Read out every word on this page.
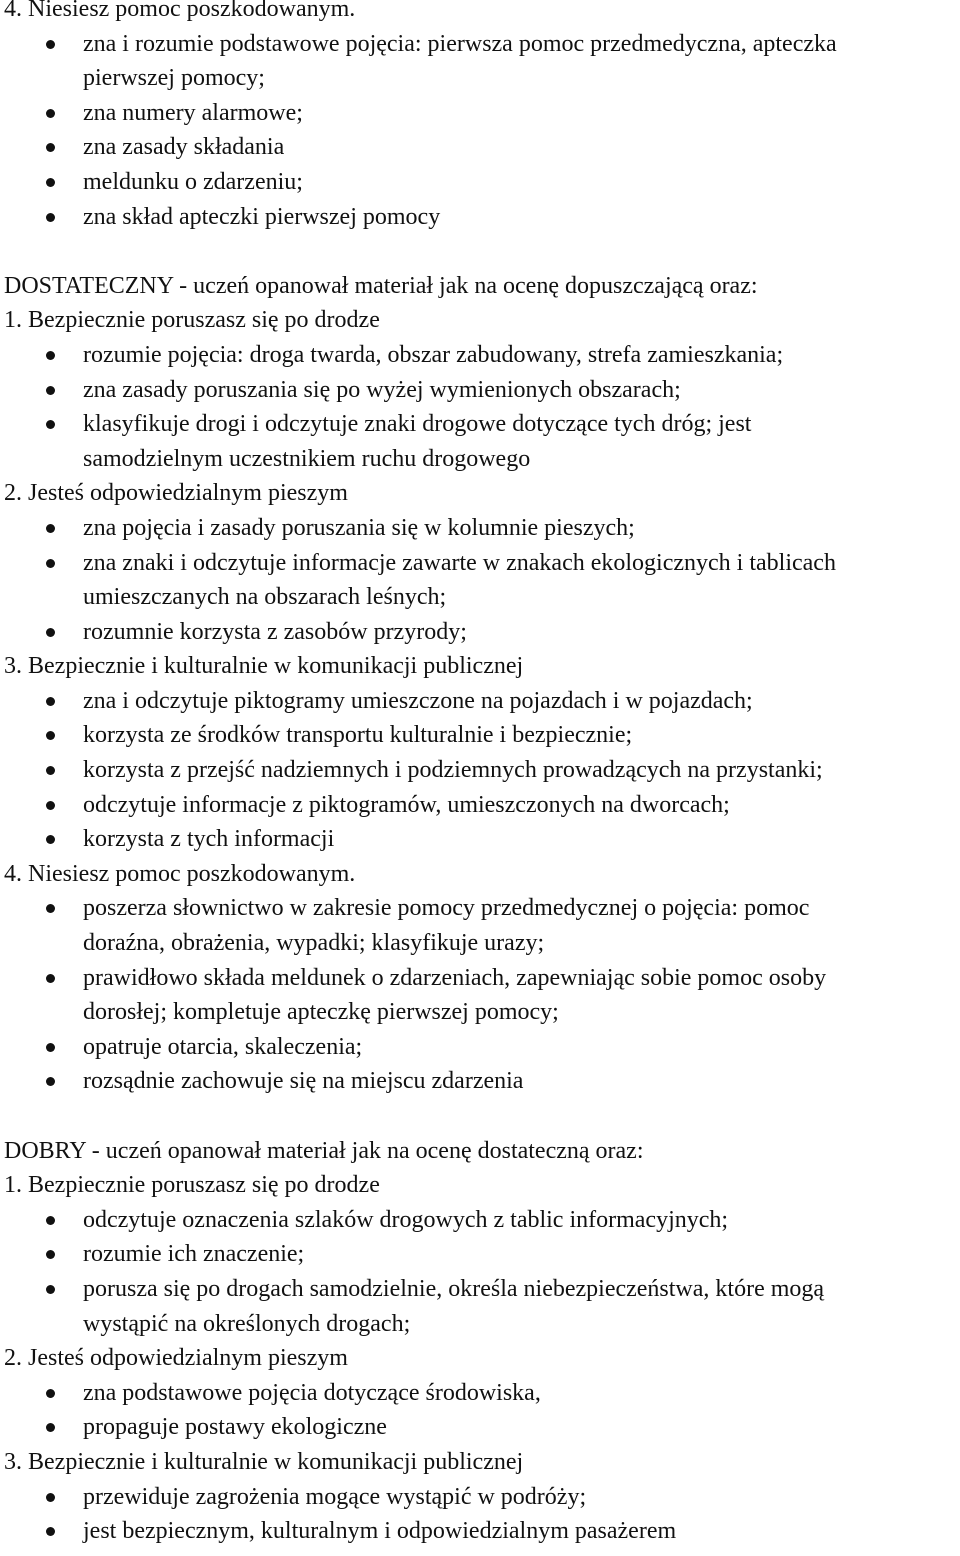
4. Niesiesz pomoc poszkodowanym.
zna i rozumie podstawowe pojęcia: pierwsza pomoc przedmedyczna, apteczka
pierwszej pomocy;
zna numery alarmowe;
zna zasady składania
meldunku o zdarzeniu;
zna skład apteczki pierwszej pomocy
DOSTATECZNY - uczeń opanował materiał jak na ocenę dopuszczającą oraz:
1. Bezpiecznie poruszasz się po drodze
rozumie pojęcia: droga twarda, obszar zabudowany, strefa zamieszkania;
zna zasady poruszania się po wyżej wymienionych obszarach;
klasyfikuje drogi i odczytuje znaki drogowe dotyczące tych dróg; jest
samodzielnym uczestnikiem ruchu drogowego
2. Jesteś odpowiedzialnym pieszym
zna pojęcia i zasady poruszania się w kolumnie pieszych;
zna znaki i odczytuje informacje zawarte w znakach ekologicznych i tablicach
umieszczanych na obszarach leśnych;
rozumnie korzysta z zasobów przyrody;
3. Bezpiecznie i kulturalnie w komunikacji publicznej
zna i odczytuje piktogramy umieszczone na pojazdach i w pojazdach;
korzysta ze środków transportu kulturalnie i bezpiecznie;
korzysta z przejść nadziemnych i podziemnych prowadzących na przystanki;
odczytuje informacje z piktogramów, umieszczonych na dworcach;
korzysta z tych informacji
4. Niesiesz pomoc poszkodowanym.
poszerza słownictwo w zakresie pomocy przedmedycznej o pojęcia: pomoc
doraźna, obrażenia, wypadki; klasyfikuje urazy;
prawidłowo składa meldunek o zdarzeniach, zapewniając sobie pomoc osoby
dorosłej; kompletuje apteczkę pierwszej pomocy;
opatruje otarcia, skaleczenia;
rozsądnie zachowuje się na miejscu zdarzenia
DOBRY - uczeń opanował materiał jak na ocenę dostateczną oraz:
1. Bezpiecznie poruszasz się po drodze
odczytuje oznaczenia szlaków drogowych z tablic informacyjnych;
rozumie ich znaczenie;
porusza się po drogach samodzielnie, określa niebezpieczeństwa, które mogą
wystąpić na określonych drogach;
2. Jesteś odpowiedzialnym pieszym
zna podstawowe pojęcia dotyczące środowiska,
propaguje postawy ekologiczne
3. Bezpiecznie i kulturalnie w komunikacji publicznej
przewiduje zagrożenia mogące wystąpić w podróży;
jest bezpiecznym, kulturalnym i odpowiedzialnym pasażerem
